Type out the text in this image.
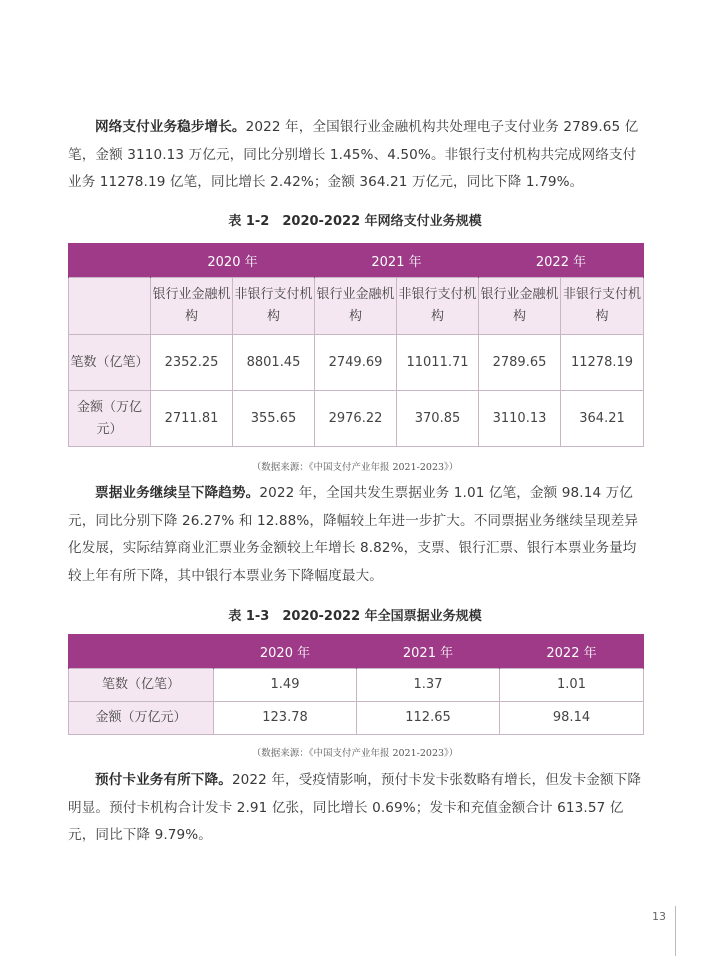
网络支付业务稳步增长。2022 年，全国银行业金融机构共处理电子支付业务 2789.65 亿笔，金额 3110.13 万亿元，同比分别增长 1.45%、4.50%。非银行支付机构共完成网络支付业务 11278.19 亿笔，同比增长 2.42%；金额 364.21 万亿元，同比下降 1.79%。

表 1-2　2020-2022 年网络支付业务规模
	2020 年		2021 年		2022 年	
	银行业金融机构	非银行支付机构	银行业金融机构	非银行支付机构	银行业金融机构	非银行支付机构
笔数（亿笔）	2352.25	8801.45	2749.69	11011.71	2789.65	11278.19
金额（万亿元）	2711.81	355.65	2976.22	370.85	3110.13	364.21
（数据来源：《中国支付产业年报 2021-2023》）

票据业务继续呈下降趋势。2022 年，全国共发生票据业务 1.01 亿笔，金额 98.14 万亿元，同比分别下降 26.27% 和 12.88%，降幅较上年进一步扩大。不同票据业务继续呈现差异化发展，实际结算商业汇票业务金额较上年增长 8.82%，支票、银行汇票、银行本票业务量均较上年有所下降，其中银行本票业务下降幅度最大。

表 1-3　2020-2022 年全国票据业务规模
	2020 年	2021 年	2022 年
笔数（亿笔）	1.49	1.37	1.01
金额（万亿元）	123.78	112.65	98.14
（数据来源：《中国支付产业年报 2021-2023》）

预付卡业务有所下降。2022 年，受疫情影响，预付卡发卡张数略有增长，但发卡金额下降明显。预付卡机构合计发卡 2.91 亿张，同比增长 0.69%；发卡和充值金额合计 613.57 亿元，同比下降 9.79%。

13
